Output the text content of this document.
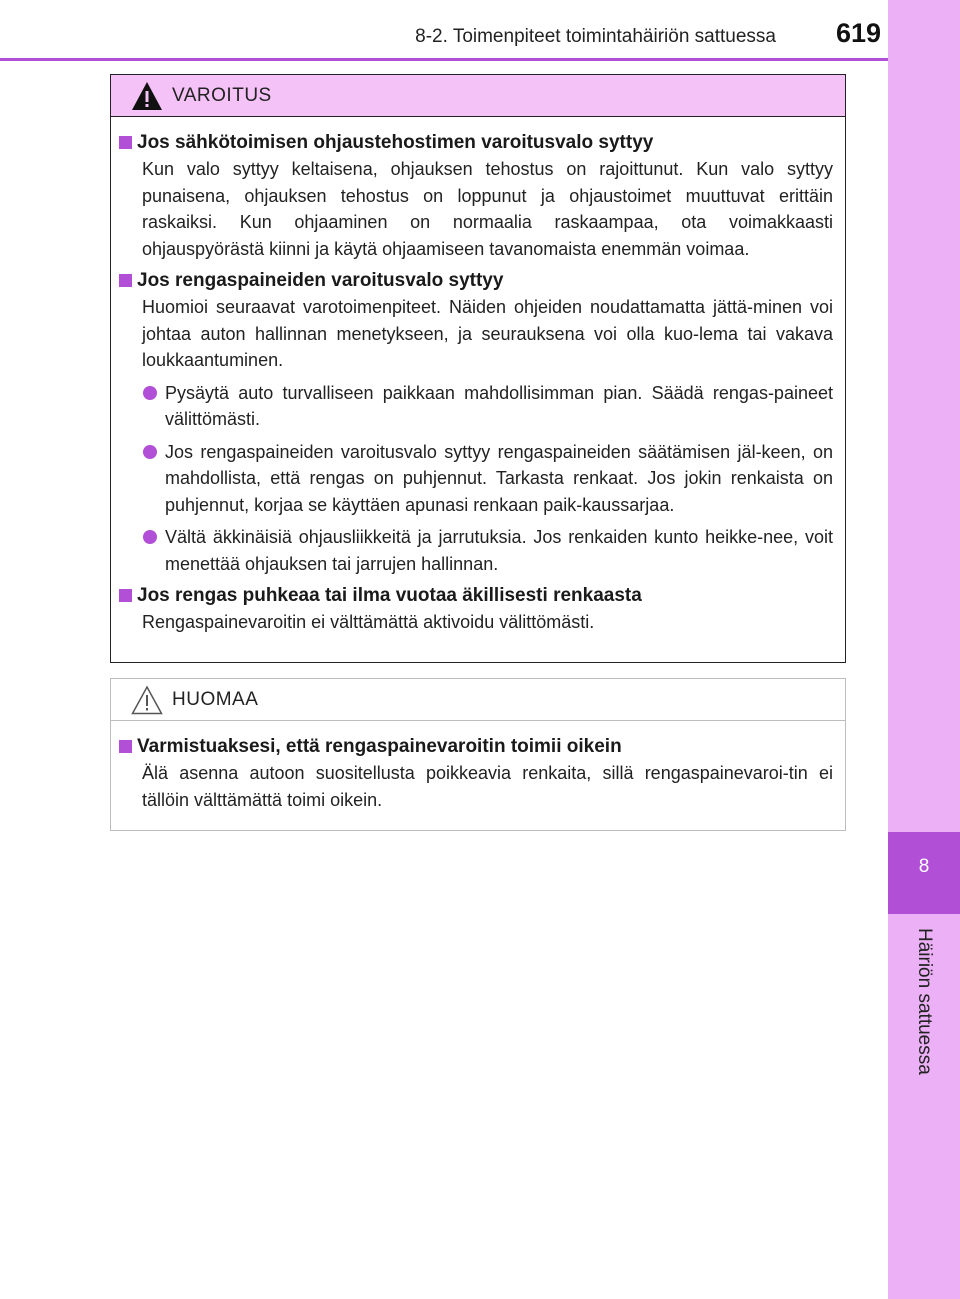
8-2. Toimenpiteet toimintahäiriön sattuessa	619
8
Häiriön sattuessa
VAROITUS
Jos sähkötoimisen ohjaustehostimen varoitusvalo syttyy
Kun valo syttyy keltaisena, ohjauksen tehostus on rajoittunut. Kun valo syttyy punaisena, ohjauksen tehostus on loppunut ja ohjaustoimet muuttuvat erittäin raskaiksi. Kun ohjaaminen on normaalia raskaampaa, ota voimakkaasti ohjauspyörästä kiinni ja käytä ohjaamiseen tavanomaista enemmän voimaa.
Jos rengaspaineiden varoitusvalo syttyy
Huomioi seuraavat varotoimenpiteet. Näiden ohjeiden noudattamatta jättä-minen voi johtaa auton hallinnan menetykseen, ja seurauksena voi olla kuo-lema tai vakava loukkaantuminen.
Pysäytä auto turvalliseen paikkaan mahdollisimman pian. Säädä rengas-paineet välittömästi.
Jos rengaspaineiden varoitusvalo syttyy rengaspaineiden säätämisen jäl-keen, on mahdollista, että rengas on puhjennut. Tarkasta renkaat. Jos jokin renkaista on puhjennut, korjaa se käyttäen apunasi renkaan paik-kaussarjaa.
Vältä äkkinäisiä ohjausliikkeitä ja jarrutuksia. Jos renkaiden kunto heikke-nee, voit menettää ohjauksen tai jarrujen hallinnan.
Jos rengas puhkeaa tai ilma vuotaa äkillisesti renkaasta
Rengaspainevaroitin ei välttämättä aktivoidu välittömästi.
HUOMAA
Varmistuaksesi, että rengaspainevaroitin toimii oikein
Älä asenna autoon suositellusta poikkeavia renkaita, sillä rengaspainevaroi-tin ei tällöin välttämättä toimi oikein.
